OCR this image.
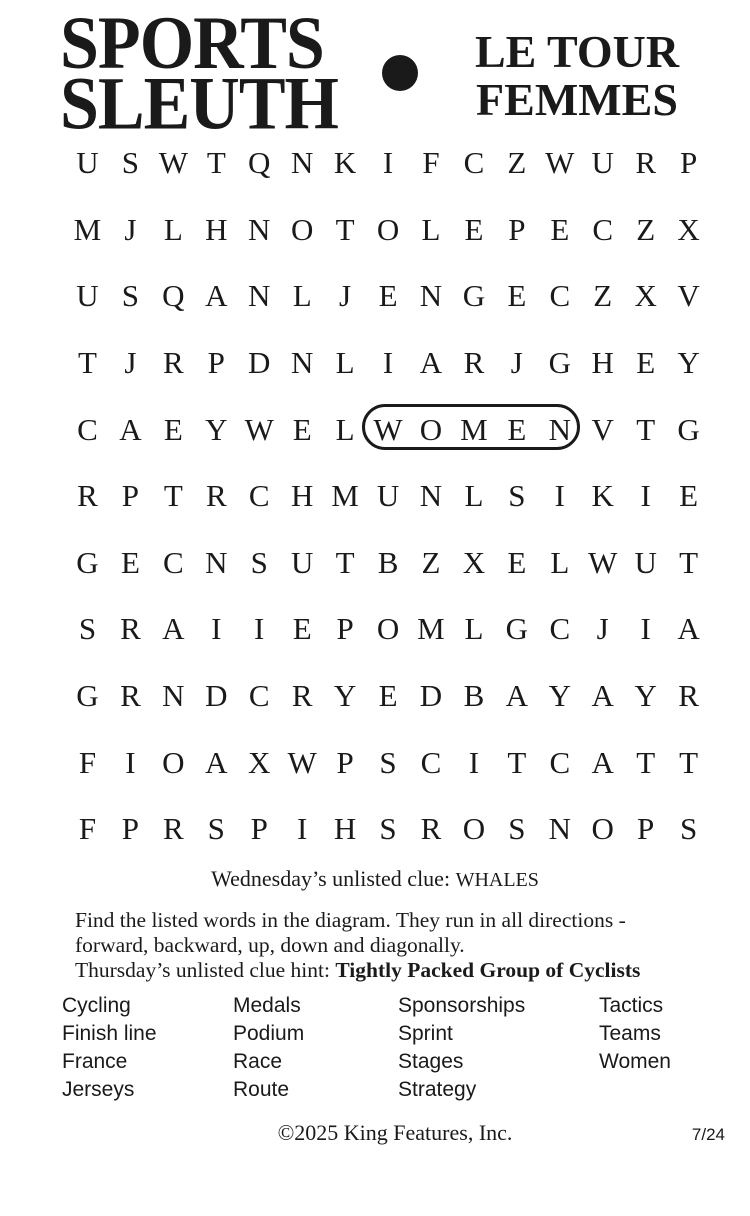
SPORTS
SLEUTH
LE TOUR
FEMMES
U S W T Q N K I F C Z W U R P
M J L H N O T O L E P E C Z X
U S Q A N L J E N G E C Z X V
T J R P D N L I A R J G H E Y
C A E Y W E L W O M E N V T G
R P T R C H M U N L S I K I E
G E C N S U T B Z X E L W U T
S R A I	I E P O M L G C J	I A
G R N D C R Y E D B A Y A Y R
F I O A X W P S C I T C A T T
F P R S P I H S R O S N O P S
Wednesday’s unlisted clue: WHALES
Find the listed words in the diagram. They run in all directions -
forward, backward, up, down and diagonally.
Thursday’s unlisted clue hint: Tightly Packed Group of Cyclists
Cycling
Finish line
France
Jerseys
Medals
Podium
Race
Route
Sponsorships
Sprint
Stages
Strategy
Tactics
Teams
Women
©2025 King Features, Inc.	7/24
